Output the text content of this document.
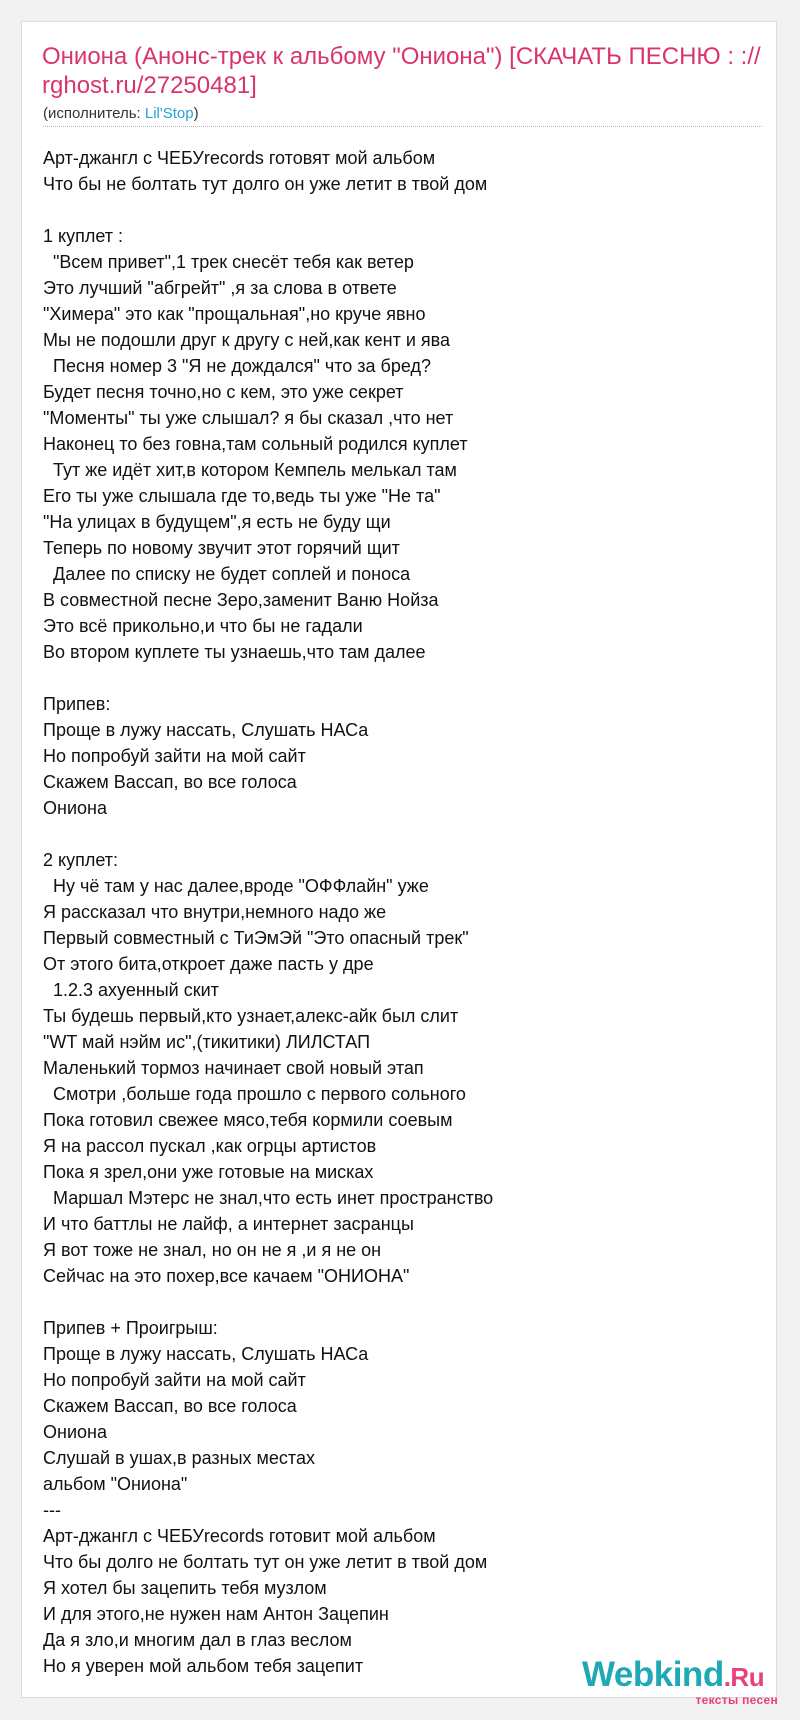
Ониона (Анонс-трек к альбому "Ониона") [СКАЧАТЬ ПЕСНЮ : ://rghost.ru/27250481]
(исполнитель: Lil'Stop)
Арт-джангл с ЧЕБУrecords готовят мой альбом
Что бы не болтать тут долго он уже летит в твой дом
1 куплет :
"Всем привет",1 трек снесёт тебя как ветер
Это лучший "абгрейт" ,я за слова в ответе
"Химера" это как "прощальная",но круче явно
Мы не подошли друг к другу с ней,как кент и ява
Песня номер 3 "Я не дождался" что за бред?
Будет песня точно,но с кем, это уже секрет
"Моменты" ты уже слышал? я бы сказал ,что нет
Наконец то без говна,там сольный родился куплет
Тут же идёт хит,в котором Кемпель мелькал там
Его ты уже слышала где то,ведь ты уже "Не та"
"На улицах в будущем",я есть не буду щи
Теперь по новому звучит этот горячий щит
Далее по списку не будет соплей и поноса
В совместной песне Зеро,заменит Ваню Нойза
Это всё прикольно,и что бы не гадали
Во втором куплете ты узнаешь,что там далее
Припев:
Проще в лужу нассать, Слушать НАСа
Но попробуй зайти на мой сайт
Скажем Вассап, во все голоса
Ониона
2 куплет:
Ну чё там у нас далее,вроде "ОФФлайн" уже
Я рассказал что внутри,немного надо же
Первый совместный с ТиЭмЭй "Это опасный трек"
От этого бита,откроет даже пасть у дре
1.2.3 ахуенный скит
Ты будешь первый,кто узнает,алекс-айк был слит
"WT май нэйм ис",(тикитики) ЛИЛСТАП
Маленький тормоз начинает свой новый этап
Смотри ,больше года прошло с первого сольного
Пока готовил свежее мясо,тебя кормили соевым
Я на рассол пускал ,как огрцы артистов
Пока я зрел,они уже готовые на мисках
Маршал Мэтерс не знал,что есть инет пространство
И что баттлы не лайф, а интернет засранцы
Я вот тоже не знал, но он не я ,и я не он
Сейчас на это похер,все качаем "ОНИОНА"
Припев + Проигрыш:
Проще в лужу нассать, Слушать НАСа
Но попробуй зайти на мой сайт
Скажем Вассап, во все голоса
Ониона
Слушай в ушах,в разных местах
альбом "Ониона"
---
Арт-джангл с ЧЕБУrecords готовит мой альбом
Что бы долго не болтать тут он уже летит в твой дом
Я хотел бы зацепить тебя музлом
И для этого,не нужен нам Антон Зацепин
Да я зло,и многим дал в глаз веслом
Но я уверен мой альбом тебя зацепит	Webkind.Ru
тексты песен
